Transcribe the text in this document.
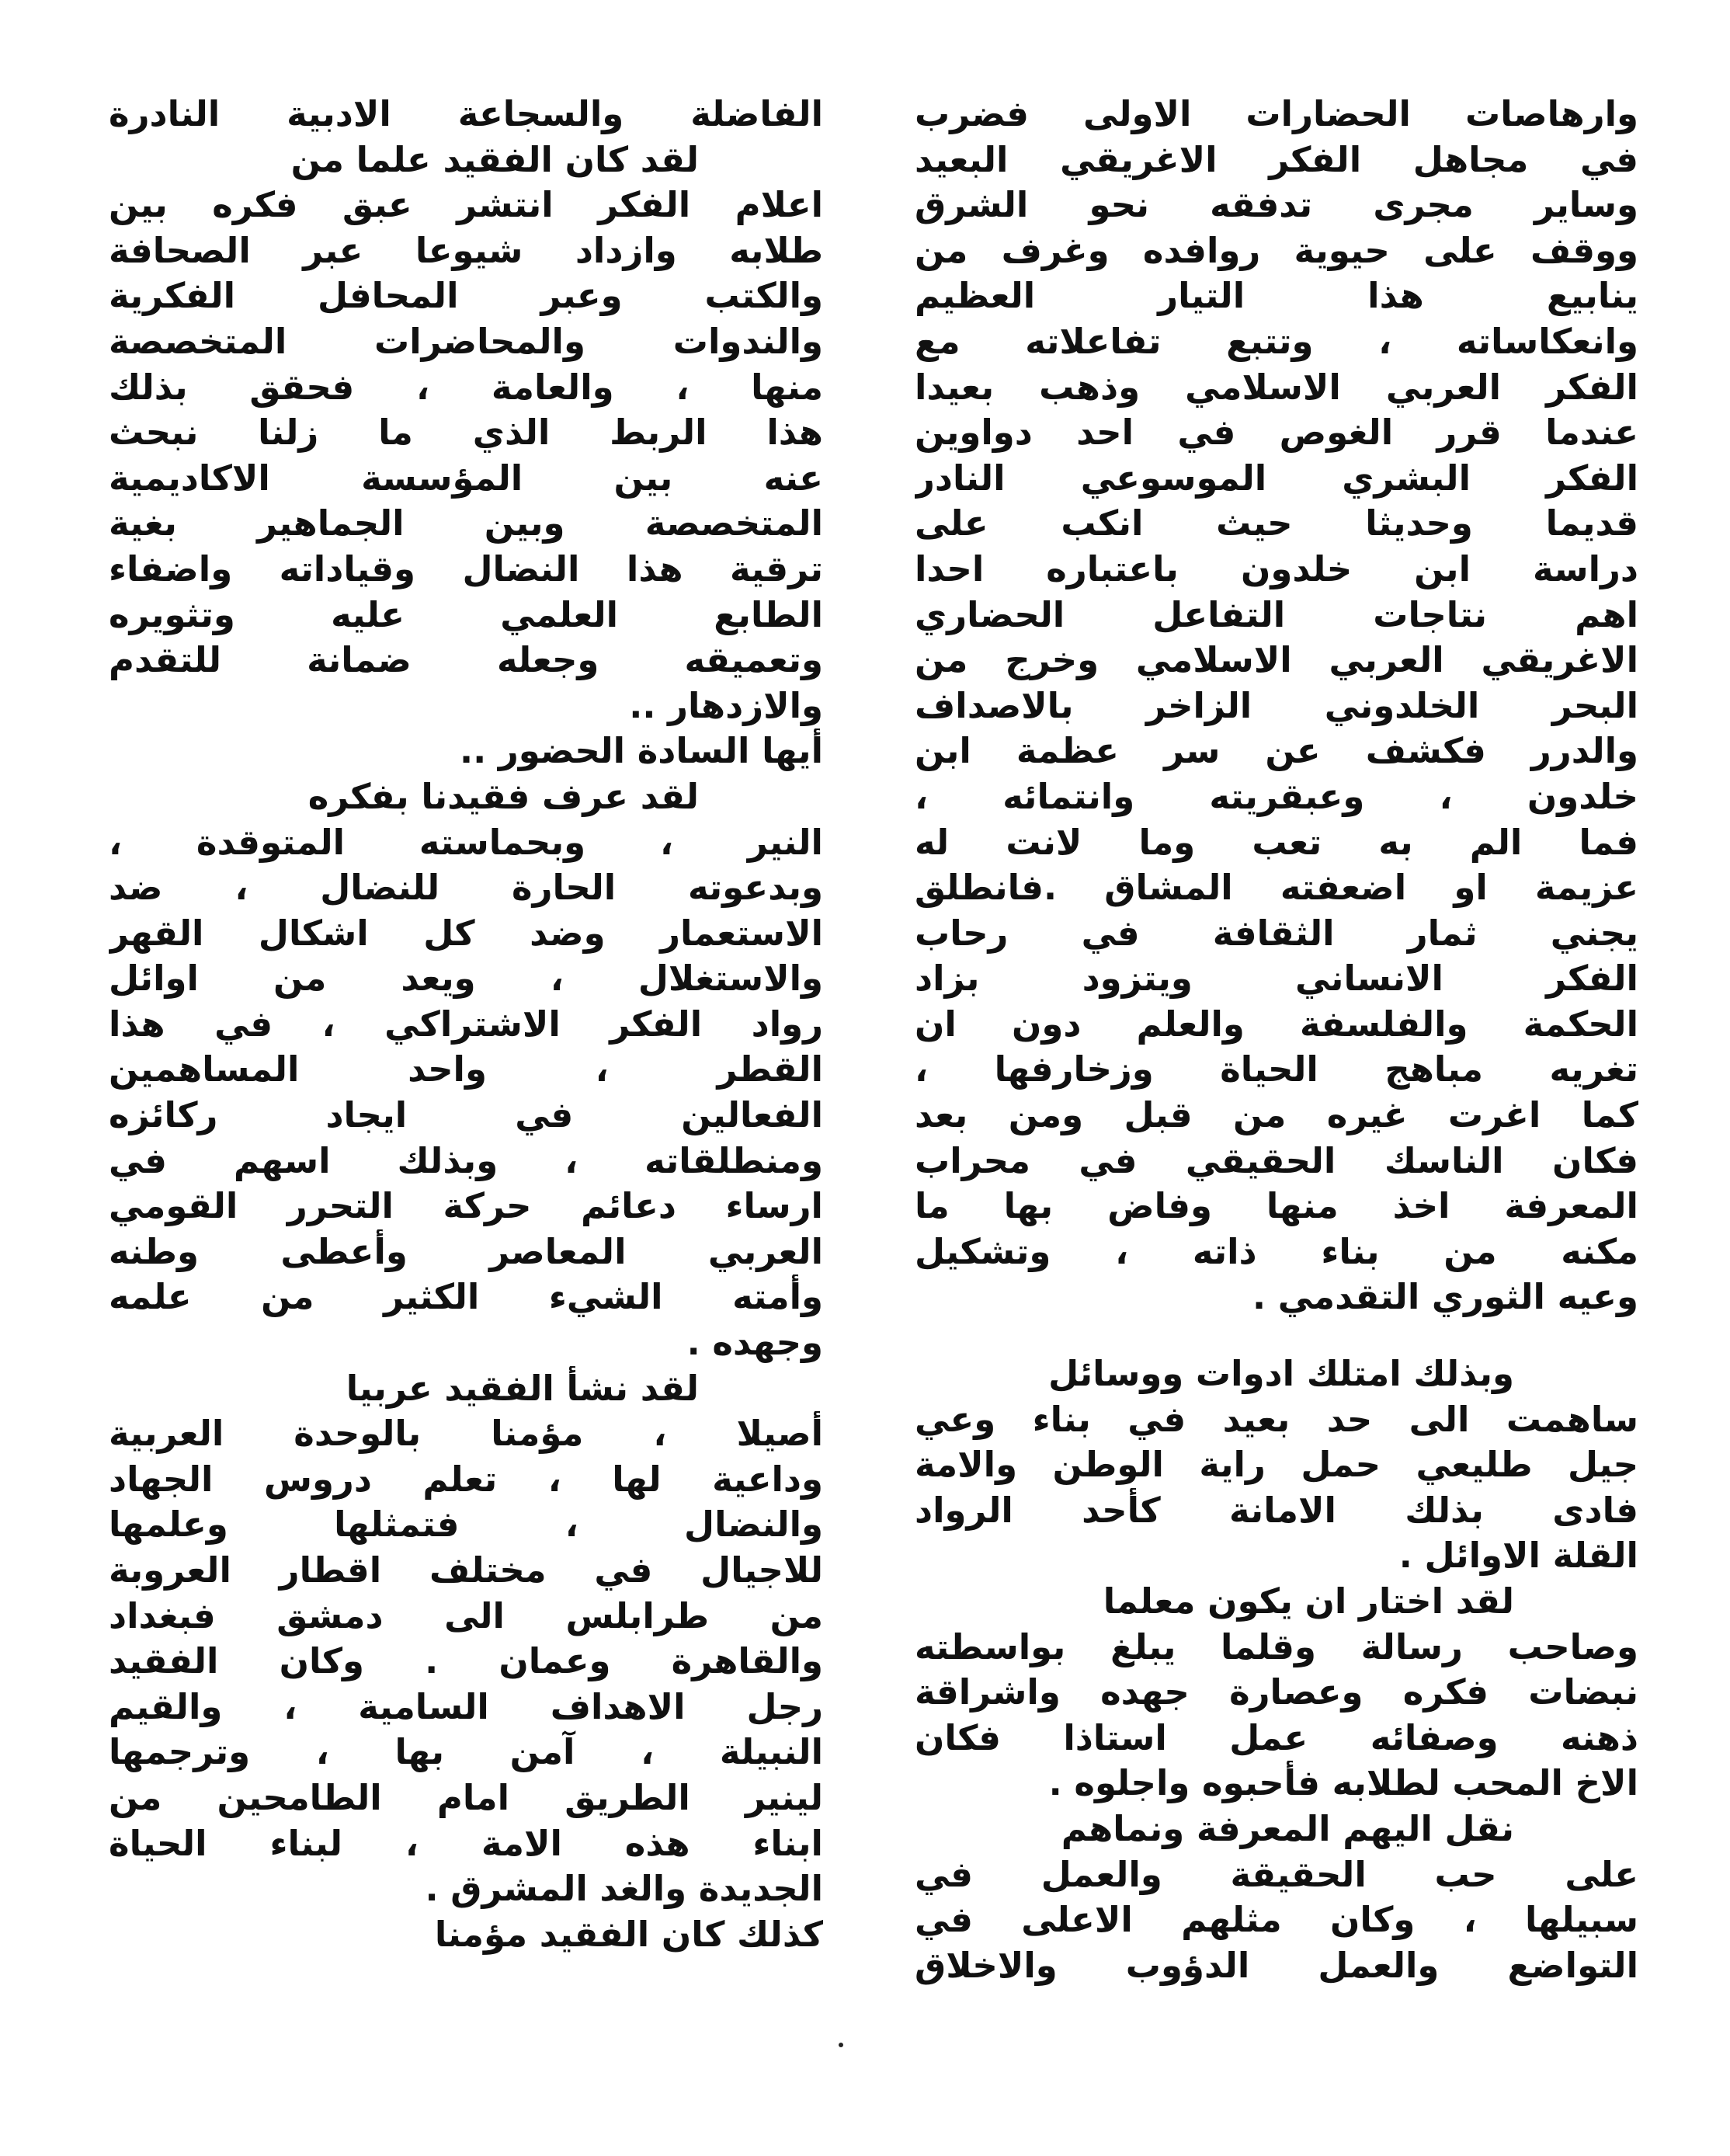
وارهاصات الحضارات الاولى فضرب
في مجاهل الفكر الاغريقي البعيد
وساير مجرى تدفقه نحو الشرق
ووقف على حيوية روافده وغرف من
ينابيع هذا التيار العظيم
وانعكاساته ، وتتبع تفاعلاته مع
الفكر العربي الاسلامي وذهب بعيدا
عندما قرر الغوص في احد دواوين
الفكر البشري الموسوعي النادر
قديما وحديثا حيث انكب على
دراسة ابن خلدون باعتباره احدا
اهم نتاجات التفاعل الحضاري
الاغريقي العربي الاسلامي وخرج من
البحر الخلدوني الزاخر بالاصداف
والدرر فكشف عن سر عظمة ابن
خلدون ، وعبقريته وانتمائه ،
فما الم به تعب وما لانت له
عزيمة او اضعفته المشاق .فانطلق
يجني ثمار الثقافة في رحاب
الفكر الانساني ويتزود بزاد
الحكمة والفلسفة والعلم دون ان
تغريه مباهج الحياة وزخارفها ،
كما اغرت غيره من قبل ومن بعد
فكان الناسك الحقيقي في محراب
المعرفة اخذ منها وفاض بها ما
مكنه من بناء ذاته ، وتشكيل
وعيه الثوري التقدمي .
وبذلك امتلك ادوات ووسائل
ساهمت الى حد بعيد في بناء وعي
جيل طليعي حمل راية الوطن والامة
فادى بذلك الامانة كأحد الرواد
القلة الاوائل .
لقد اختار ان يكون معلما
وصاحب رسالة وقلما يبلغ بواسطته
نبضات فكره وعصارة جهده واشراقة
ذهنه وصفائه عمل استاذا فكان
الاخ المحب لطلابه فأحبوه واجلوه .
نقل اليهم المعرفة ونماهم
على حب الحقيقة والعمل في
سبيلها ، وكان مثلهم الاعلى في
التواضع والعمل الدؤوب والاخلاق
الفاضلة والسجاعة الادبية النادرة
لقد كان الفقيد علما من
اعلام الفكر انتشر عبق فكره بين
طلابه وازداد شيوعا عبر الصحافة
والكتب وعبر المحافل الفكرية
والندوات والمحاضرات المتخصصة
منها ، والعامة ، فحقق بذلك
هذا الربط الذي ما زلنا نبحث
عنه بين المؤسسة الاكاديمية
المتخصصة وبين الجماهير بغية
ترقية هذا النضال وقياداته واضفاء
الطابع العلمي عليه وتثويره
وتعميقه وجعله ضمانة للتقدم
والازدهار ..
أيها السادة الحضور ..
لقد عرف فقيدنا بفكره
النير ، وبحماسته المتوقدة ،
وبدعوته الحارة للنضال ، ضد
الاستعمار وضد كل اشكال القهر
والاستغلال ، ويعد من اوائل
رواد الفكر الاشتراكي ، في هذا
القطر ، واحد المساهمين
الفعالين في ايجاد ركائزه
ومنطلقاته ، وبذلك اسهم في
ارساء دعائم حركة التحرر القومي
العربي المعاصر وأعطى وطنه
وأمته الشيء الكثير من علمه
وجهده .
لقد نشأ الفقيد عربيا
أصيلا ، مؤمنا بالوحدة العربية
وداعية لها ، تعلم دروس الجهاد
والنضال ، فتمثلها وعلمها
للاجيال في مختلف اقطار العروبة
من طرابلس الى دمشق فبغداد
والقاهرة وعمان . وكان الفقيد
رجل الاهداف السامية ، والقيم
النبيلة ، آمن بها ، وترجمها
لينير الطريق امام الطامحين من
ابناء هذه الامة ، لبناء الحياة
الجديدة والغد المشرق .
كذلك كان الفقيد مؤمنا
